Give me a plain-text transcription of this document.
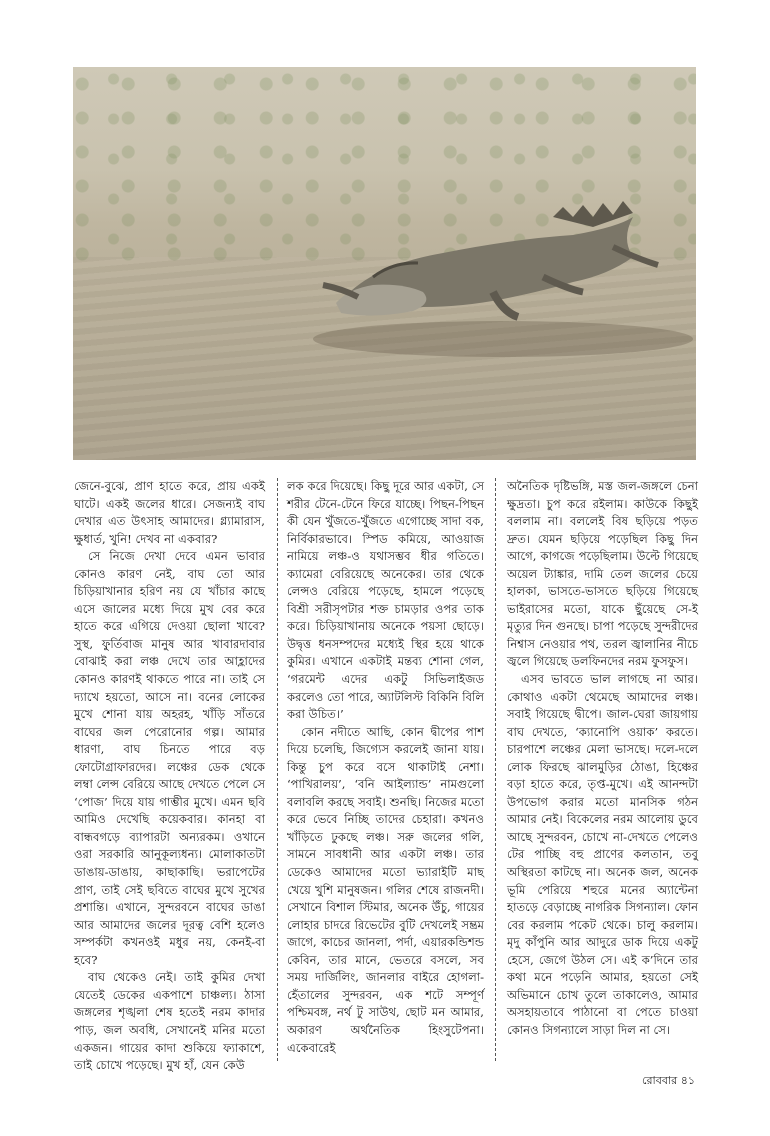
জেনে-বুঝে, প্রাণ হাতে করে, প্রায় একই ঘাটে। একই জলের ধারে। সেজন্যই বাঘ দেখার এত উৎসাহ আমাদের। গ্ল্যামারাস, ক্ষুধার্ত, খুনি! দেখব না একবার?

সে নিজে দেখা দেবে এমন ভাবার কোনও কারণ নেই, বাঘ তো আর চিড়িয়াখানার হরিণ নয় যে খাঁচার কাছে এসে জালের মধ্যে দিয়ে মুখ বের করে হাতে করে এগিয়ে দেওয়া ছোলা খাবে? সুস্থ, ফুর্তিবাজ মানুষ আর খাবারদাবার বোঝাই করা লঞ্চ দেখে তার আহ্লাদের কোনও কারণই থাকতে পারে না। তাই সে দ্যাখে হয়তো, আসে না। বনের লোকের মুখে শোনা যায় অহরহ, খাঁড়ি সাঁতরে বাঘের জল পেরোনোর গল্প। আমার ধারণা, বাঘ চিনতে পারে বড় ফোটোগ্রাফারদের। লঞ্চের ডেক থেকে লম্বা লেন্স বেরিয়ে আছে দেখতে পেলে সে ‘পোজ’ দিয়ে যায় গাম্ভীর মুখে। এমন ছবি আমিও দেখেছি কয়েকবার। কানহা বা বান্ধবগড়ে ব্যাপারটা অন্যরকম। ওখানে ওরা সরকারি আনুকূল্যধন্য। মোলাকাতটা ডাঙায়-ডাঙায়, কাছাকাছি। ভরাপেটের প্রাণ, তাই সেই ছবিতে বাঘের মুখে সুখের প্রশান্তি। এখানে, সুন্দরবনে বাঘের ডাঙা আর আমাদের জলের দূরত্ব বেশি হলেও সম্পর্কটা কখনওই মধুর নয়, কেনই-বা হবে?

বাঘ থেকেও নেই। তাই কুমির দেখা যেতেই ডেকের একপাশে চাঞ্চল্য। ঠাসা জঙ্গলের শৃঙ্খলা শেষ হতেই নরম কাদার পাড়, জল অবধি, সেখানেই মনির মতো একজন। গায়ের কাদা শুকিয়ে ফ্যাকাশে, তাই চোখে পড়েছে। মুখ হাঁ, যেন কেউ

লক করে দিয়েছে। কিছু দূরে আর একটা, সে শরীর টেনে-টেনে ফিরে যাচ্ছে। পিছন-পিছন কী যেন খুঁজতে-খুঁজতে এগোচ্ছে সাদা বক, নির্বিকারভাবে। স্পিড কমিয়ে, আওয়াজ নামিয়ে লঞ্চ-ও যথাসম্ভব ধীর গতিতে। ক্যামেরা বেরিয়েছে অনেকের। তার থেকে লেন্সও বেরিয়ে পড়েছে, হামলে পড়েছে বিশ্রী সরীসৃপটার শক্ত চামড়ার ওপর তাক করে। চিড়িয়াখানায় অনেকে পয়সা ছোড়ে। উদ্বৃত্ত ধনসম্পদের মধ্যেই স্থির হয়ে থাকে কুমির। এখানে একটাই মন্তব্য শোনা গেল, ‘গরমেন্ট এদের একটু সিভিলাইজড করলেও তো পারে, অ্যাটলিস্ট বিকিনি বিলি করা উচিত।’

কোন নদীতে আছি, কোন দ্বীপের পাশ দিয়ে চলেছি, জিগ্যেস করলেই জানা যায়। কিন্তু চুপ করে বসে থাকাটাই নেশা। ‘পাখিরালয়’, ‘বনি আইল্যান্ড’ নামগুলো বলাবলি করছে সবাই। শুনছি। নিজের মতো করে ভেবে নিচ্ছি তাদের চেহারা। কখনও খাঁড়িতে ঢুকছে লঞ্চ। সরু জলের গলি, সামনে সাবধানী আর একটা লঞ্চ। তার ডেকেও আমাদের মতো ভ্যারাইটি মাছ খেয়ে খুশি মানুষজন। গলির শেষে রাজনদী। সেখানে বিশাল স্টিমার, অনেক উঁচু, গায়ের লোহার চাদরে রিভেটের বুটি দেখলেই সম্ভ্রম জাগে, কাচের জানলা, পর্দা, এয়ারকন্ডিশন্ড কেবিন, তার মানে, ভেতরে বসলে, সব সময় দার্জিলিং, জানলার বাইরে হোগলা-হেঁতালের সুন্দরবন, এক শটে সম্পূর্ণ পশ্চিমবঙ্গ, নর্থ টু সাউথ, ছোট মন আমার, অকারণ অর্থনৈতিক হিংসুটেপনা। একেবারেই

অনৈতিক দৃষ্টিভঙ্গি, মস্ত জল-জঙ্গলে চেনা ক্ষুদ্রতা। চুপ করে রইলাম। কাউকে কিছুই বললাম না। বললেই বিষ ছড়িয়ে পড়ত দ্রুত। যেমন ছড়িয়ে পড়েছিল কিছু দিন আগে, কাগজে পড়েছিলাম। উল্টে গিয়েছে অয়েল ট্যাঙ্কার, দামি তেল জলের চেয়ে হালকা, ভাসতে-ভাসতে ছড়িয়ে গিয়েছে ভাইরাসের মতো, যাকে ছুঁয়েছে সে-ই মৃত্যুর দিন গুনছে। চাপা পড়েছে সুন্দরীদের নিশ্বাস নেওয়ার পথ, তরল জ্বালানির নীচে জ্বলে গিয়েছে ডলফিনদের নরম ফুসফুস।

এসব ভাবতে ভাল লাগছে না আর। কোথাও একটা থেমেছে আমাদের লঞ্চ। সবাই গিয়েছে দ্বীপে। জাল-ঘেরা জায়গায় বাঘ দেখতে, ‘ক্যানোপি ওয়াক’ করতে। চারপাশে লঞ্চের মেলা ভাসছে। দলে-দলে লোক ফিরছে ঝালমুড়ির ঠোঙা, হিঞ্চের বড়া হাতে করে, তৃপ্ত-মুখে। এই আনন্দটা উপভোগ করার মতো মানসিক গঠন আমার নেই। বিকেলের নরম আলোয় ডুবে আছে সুন্দরবন, চোখে না-দেখতে পেলেও টের পাচ্ছি বহু প্রাণের কলতান, তবু অস্থিরতা কাটছে না। অনেক জল, অনেক ভূমি পেরিয়ে শহুরে মনের অ্যান্টেনা হাতড়ে বেড়াচ্ছে নাগরিক সিগন্যাল। ফোন বের করলাম পকেট থেকে। চালু করলাম। মৃদু কাঁপুনি আর আদুরে ডাক দিয়ে একটু হেসে, জেগে উঠল সে। এই ক’দিনে তার কথা মনে পড়েনি আমার, হয়তো সেই অভিমানে চোখ তুলে তাকালেও, আমার অসহায়তাবে পাঠানো বা পেতে চাওয়া কোনও সিগন্যালে সাড়া দিল না সে।

রোববার ৪১
